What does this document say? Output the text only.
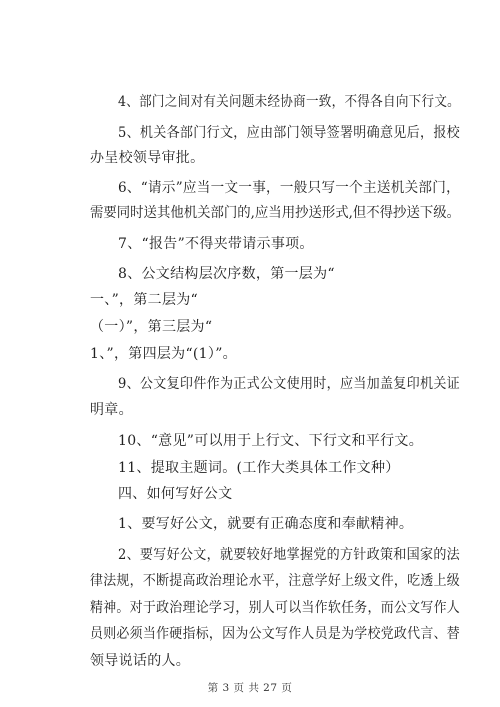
4、部门之间对有关问题未经协商一致，不得各自向下行文。
5、机关各部门行文，应由部门领导签署明确意见后，报校
办呈校领导审批。
6、“请示”应当一文一事，一般只写一个主送机关部门，
需要同时送其他机关部门的,应当用抄送形式,但不得抄送下级。
7、“报告”不得夹带请示事项。
8、公文结构层次序数，第一层为“
一、”，第二层为“
（一）”，第三层为“
1、”，第四层为“(1）”。
9、公文复印件作为正式公文使用时，应当加盖复印机关证
明章。
10、“意见”可以用于上行文、下行文和平行文。
11、提取主题词。(工作大类具体工作文种）
四、如何写好公文
1、要写好公文，就要有正确态度和奉献精神。
2、要写好公文，就要较好地掌握党的方针政策和国家的法
律法规，不断提高政治理论水平，注意学好上级文件，吃透上级
精神。对于政治理论学习，别人可以当作软任务，而公文写作人
员则必须当作硬指标，因为公文写作人员是为学校党政代言、替
领导说话的人。
第 3 页 共 27 页
